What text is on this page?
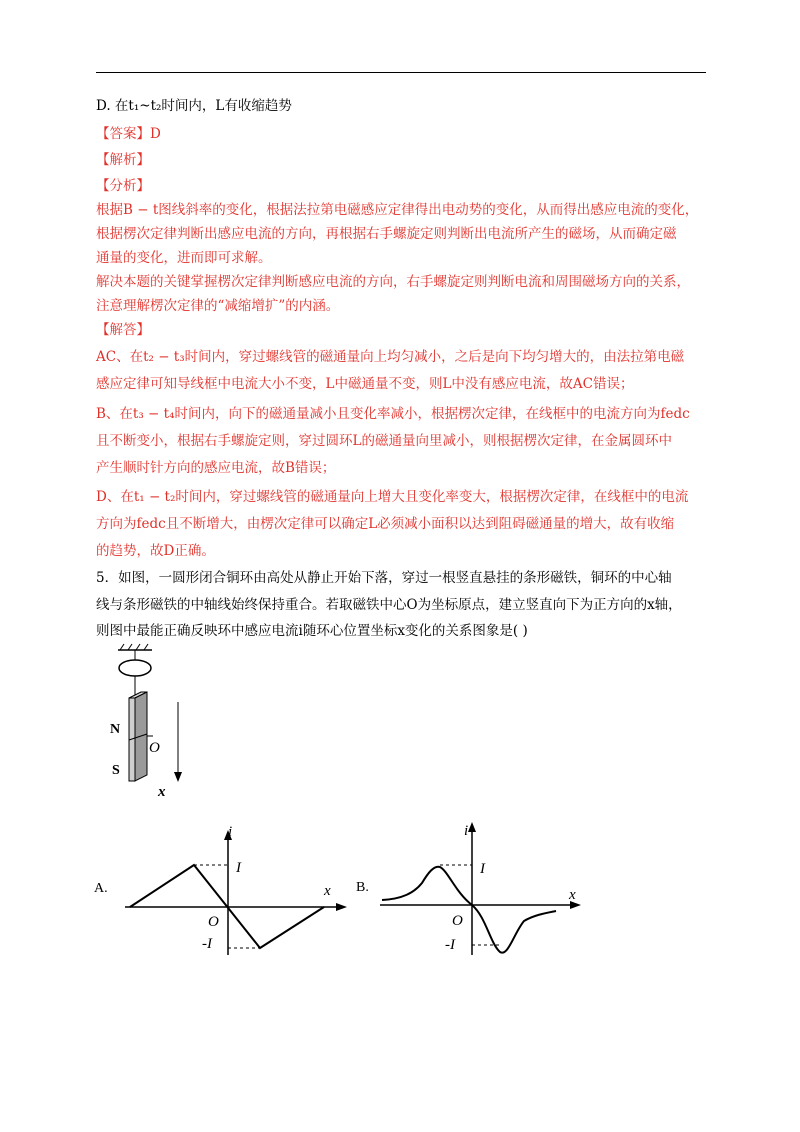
D. 在t₁~t₂时间内，L有收缩趋势
【答案】D
【解析】
【分析】
根据B − t图线斜率的变化，根据法拉第电磁感应定律得出电动势的变化，从而得出感应电流的变化，
根据楞次定律判断出感应电流的方向，再根据右手螺旋定则判断出电流所产生的磁场，从而确定磁
通量的变化，进而即可求解。
解决本题的关键掌握楞次定律判断感应电流的方向，右手螺旋定则判断电流和周围磁场方向的关系，
注意理解楞次定律的“减缩增扩”的内涵。
【解答】
AC、在t₂ − t₃时间内，穿过螺线管的磁通量向上均匀减小，之后是向下均匀增大的，由法拉第电磁
感应定律可知导线框中电流大小不变，L中磁通量不变，则L中没有感应电流，故AC错误；
B、在t₃ − t₄时间内，向下的磁通量减小且变化率减小，根据楞次定律，在线框中的电流方向为fedc
且不断变小，根据右手螺旋定则，穿过圆环L的磁通量向里减小，则根据楞次定律，在金属圆环中
产生顺时针方向的感应电流，故B错误；
D、在t₁ − t₂时间内，穿过螺线管的磁通量向上增大且变化率变大，根据楞次定律，在线框中的电流
方向为fedc且不断增大，由楞次定律可以确定L必须减小面积以达到阻碍磁通量的增大，故有收缩
的趋势，故D正确。
5．如图，一圆形闭合铜环由高处从静止开始下落，穿过一根竖直悬挂的条形磁铁，铜环的中心轴
线与条形磁铁的中轴线始终保持重合。若取磁铁中心O为坐标原点，建立竖直向下为正方向的x轴，
则图中最能正确反映环中感应电流i随环心位置坐标x变化的关系图象是( )
N
S
O
x
A.
i
x
O
I
-I
B.
i
x
O
I
-I
